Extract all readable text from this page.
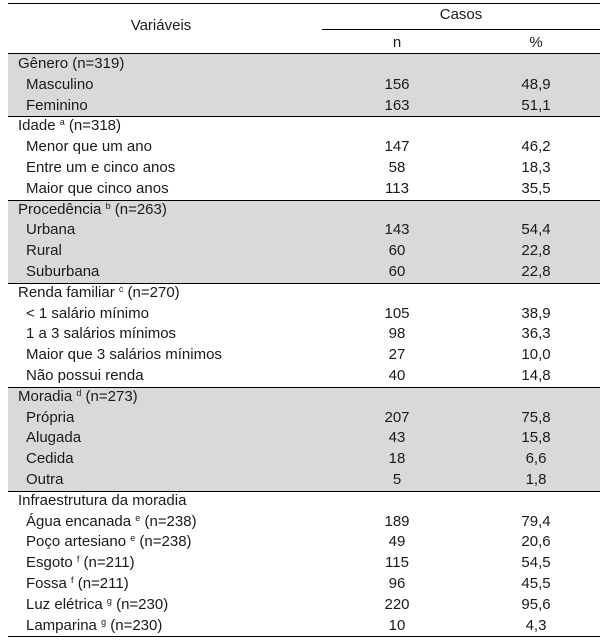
Variáveis
Casos
n	%
Gênero (n=319)
Masculino	156	48,9
Feminino	163	51,1
Idade $^a$ (n=318)
Menor que um ano	147	46,2
Entre um e cinco anos	58	18,3
Maior que cinco anos	113	35,5
Procedência $^b$ (n=263)
Urbana	143	54,4
Rural	60	22,8
Suburbana	60	22,8
Renda familiar $^c$ (n=270)
< 1 salário mínimo	105	38,9
1 a 3 salários mínimos	98	36,3
Maior que 3 salários mínimos	27	10,0
Não possui renda	40	14,8
Moradia $^d$ (n=273)
Própria	207	75,8
Alugada	43	15,8
Cedida	18	6,6
Outra	5	1,8
Infraestrutura da moradia
Água encanada $^e$ (n=238)	189	79,4
Poço artesiano $^e$ (n=238)	49	20,6
Esgoto $^f$ (n=211)	115	54,5
Fossa $^f$ (n=211)	96	45,5
Luz elétrica $^g$ (n=230)	220	95,6
Lamparina $^g$ (n=230)	10	4,3
